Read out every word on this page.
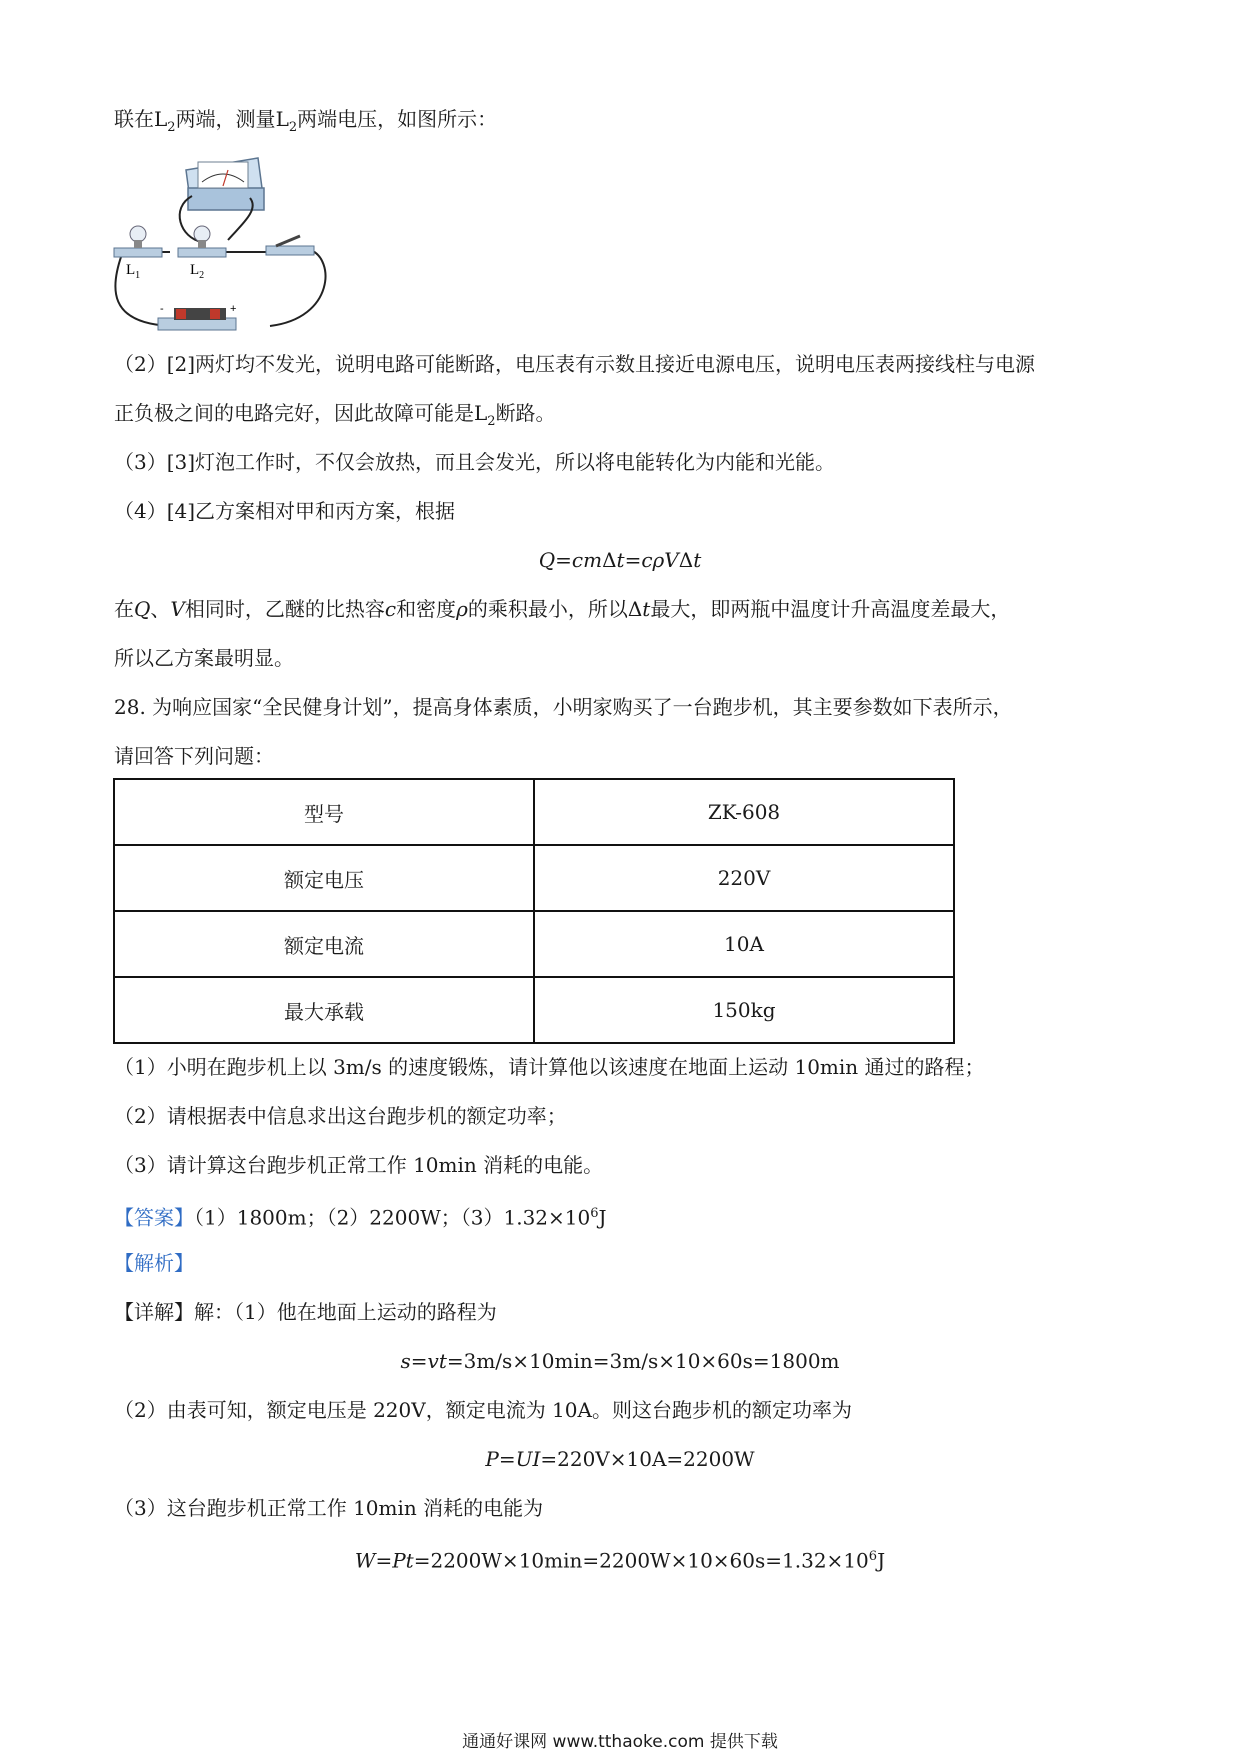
联在$L_2$两端，测量$L_2$两端电压，如图所示：
$L_1$	$L_2$
-	+
（2）[2]两灯均不发光，说明电路可能断路，电压表有示数且接近电源电压，说明电压表两接线柱与电源
正负极之间的电路完好，因此故障可能是$L_2$断路。
（3）[3]灯泡工作时，不仅会放热，而且会发光，所以将电能转化为内能和光能。
（4）[4]乙方案相对甲和丙方案，根据
Q=cmΔt=cρVΔt
在Q、V相同时，乙醚的比热容c和密度ρ的乘积最小，所以Δt最大，即两瓶中温度计升高温度差最大，
所以乙方案最明显。
28. 为响应国家“全民健身计划”，提高身体素质，小明家购买了一台跑步机，其主要参数如下表所示，
请回答下列问题：
型号	ZK-608
额定电压	220V
额定电流	10A
最大承载	150kg
（1）小明在跑步机上以 3m/s 的速度锻炼，请计算他以该速度在地面上运动 10min 通过的路程；
（2）请根据表中信息求出这台跑步机的额定功率；
（3）请计算这台跑步机正常工作 10min 消耗的电能。
【答案】（1）1800m；（2）2200W；$(3)1.32\times 10^6J$
【解析】
【详解】解：（1）他在地面上运动的路程为
s=vt=3m/s×10min=3m/s×10×60s=1800m
（2）由表可知，额定电压是 220V，额定电流为 10A。则这台跑步机的额定功率为
P=UI=220V×10A=2200W
（3）这台跑步机正常工作 10min 消耗的电能为
$W=Pt=2200W\times 10\min=2200W\times 10\times 60s=1.32\times 10^6J$
通通好课网 www.tthaoke.com 提供下载
